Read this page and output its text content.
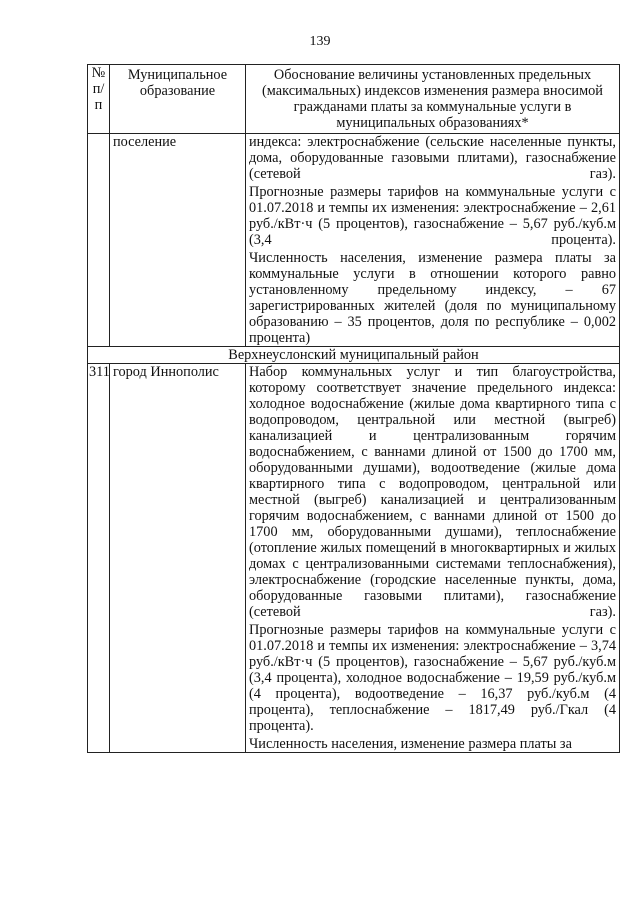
139
№ п/п	Муниципальное образование	Обоснование величины установленных предельных (максимальных) индексов изменения размера вносимой гражданами платы за коммунальные услуги в муниципальных образованиях*
	поселение	индекса: электроснабжение (сельские населенные пункты, дома, оборудованные газовыми плитами), газоснабжение (сетевой газ).
Прогнозные размеры тарифов на коммунальные услуги с 01.07.2018 и темпы их изменения: электроснабжение – 2,61 руб./кВт·ч (5 процентов), газоснабжение – 5,67 руб./куб.м (3,4 процента).
Численность населения, изменение размера платы за коммунальные услуги в отношении которого равно установленному предельному индексу, – 67 зарегистрированных жителей (доля по муниципальному образованию – 35 процентов, доля по республике – 0,002 процента)

Верхнеуслонский муниципальный район		
311	город Иннополис	Набор коммунальных услуг и тип благоустройства, которому соответствует значение предельного индекса: холодное водоснабжение (жилые дома квартирного типа с водопроводом, центральной или местной (выгреб) канализацией и централизованным горячим водоснабжением, с ваннами длиной от 1500 до 1700 мм, оборудованными душами), водоотведение (жилые дома квартирного типа с водопроводом, центральной или местной (выгреб) канализацией и централизованным горячим водоснабжением, с ваннами длиной от 1500 до 1700 мм, оборудованными душами), теплоснабжение (отопление жилых помещений в многоквартирных и жилых домах с централизованными системами теплоснабжения), электроснабжение (городские населенные пункты, дома, оборудованные газовыми плитами), газоснабжение (сетевой газ).
Прогнозные размеры тарифов на коммунальные услуги с 01.07.2018 и темпы их изменения: электроснабжение – 3,74 руб./кВт·ч (5 процентов), газоснабжение – 5,67 руб./куб.м (3,4 процента), холодное водоснабжение – 19,59 руб./куб.м (4 процента), водоотведение – 16,37 руб./куб.м (4 процента), теплоснабжение – 1817,49 руб./Гкал (4 процента).
Численность населения, изменение размера платы за
